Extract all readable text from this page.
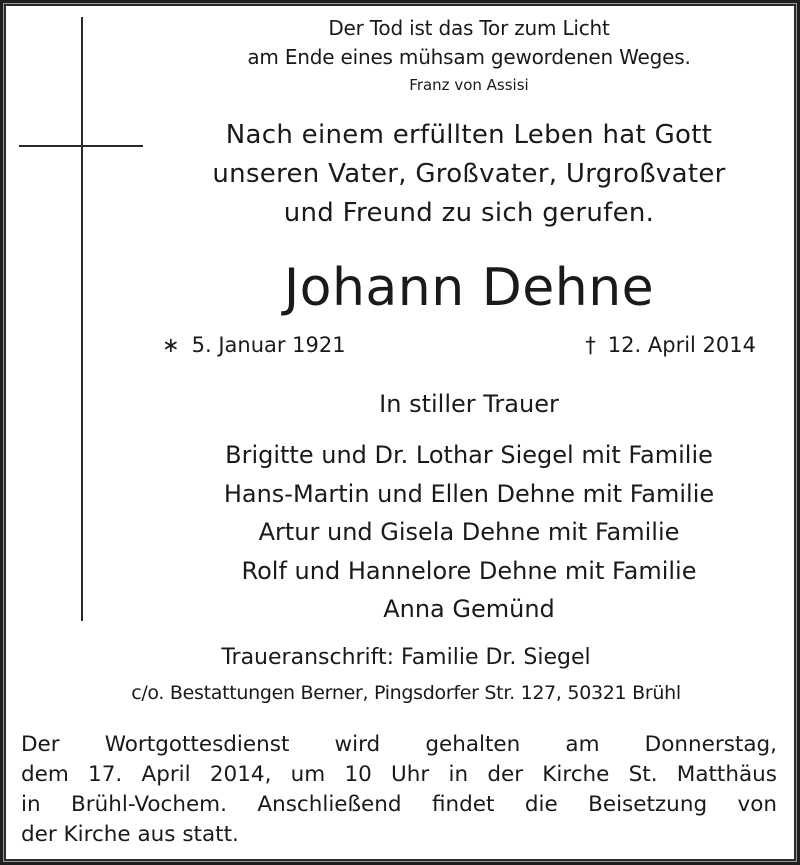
Der Tod ist das Tor zum Licht
am Ende eines mühsam gewordenen Weges.
Franz von Assisi
Nach einem erfüllten Leben hat Gott
unseren Vater, Großvater, Urgroßvater
und Freund zu sich gerufen.
Johann Dehne
∗ 5. Januar 1921	† 12. April 2014
In stiller Trauer
Brigitte und Dr. Lothar Siegel mit Familie
Hans-Martin und Ellen Dehne mit Familie
Artur und Gisela Dehne mit Familie
Rolf und Hannelore Dehne mit Familie
Anna Gemünd
Traueranschrift: Familie Dr. Siegel
c/o. Bestattungen Berner, Pingsdorfer Str. 127, 50321 Brühl
Der Wortgottesdienst wird gehalten am Donnerstag,
dem 17. April 2014, um 10 Uhr in der Kirche St. Matthäus
in Brühl-Vochem. Anschließend findet die Beisetzung von
der Kirche aus statt.
